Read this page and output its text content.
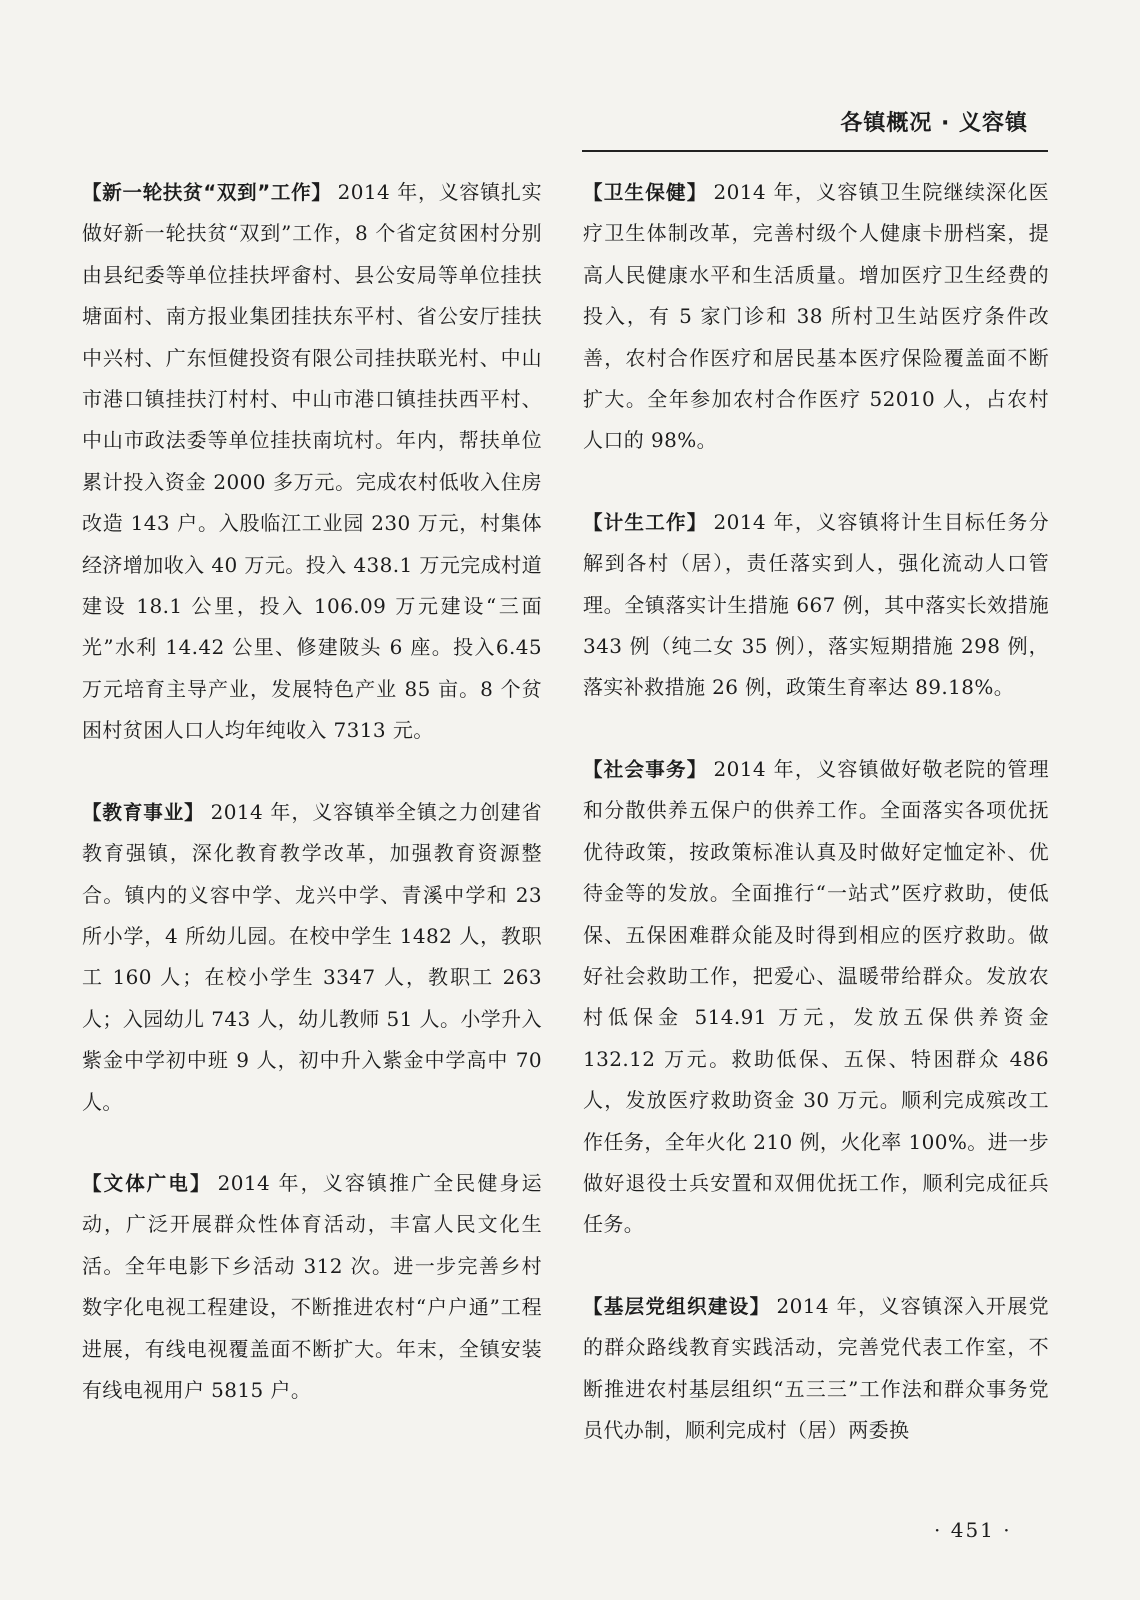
各镇概况 · 义容镇

【新一轮扶贫“双到”工作】 2014 年，义容镇扎实做好新一轮扶贫“双到”工作，8 个省定贫困村分别由县纪委等单位挂扶坪畲村、县公安局等单位挂扶塘面村、南方报业集团挂扶东平村、省公安厅挂扶中兴村、广东恒健投资有限公司挂扶联光村、中山市港口镇挂扶汀村村、中山市港口镇挂扶西平村、中山市政法委等单位挂扶南坑村。年内，帮扶单位累计投入资金 2000 多万元。完成农村低收入住房改造 143 户。入股临江工业园 230 万元，村集体经济增加收入 40 万元。投入 438.1 万元完成村道建设 18.1 公里，投入 106.09 万元建设“三面光”水利 14.42 公里、修建陂头 6 座。投入6.45万元培育主导产业，发展特色产业 85 亩。8 个贫困村贫困人口人均年纯收入 7313 元。

【教育事业】 2014 年，义容镇举全镇之力创建省教育强镇，深化教育教学改革，加强教育资源整合。镇内的义容中学、龙兴中学、青溪中学和 23 所小学，4 所幼儿园。在校中学生 1482 人，教职工 160 人；在校小学生 3347 人，教职工 263 人；入园幼儿 743 人，幼儿教师 51 人。小学升入紫金中学初中班 9 人，初中升入紫金中学高中 70 人。

【文体广电】 2014 年，义容镇推广全民健身运动，广泛开展群众性体育活动，丰富人民文化生活。全年电影下乡活动 312 次。进一步完善乡村数字化电视工程建设，不断推进农村“户户通”工程进展，有线电视覆盖面不断扩大。年末，全镇安装有线电视用户 5815 户。

【卫生保健】 2014 年，义容镇卫生院继续深化医疗卫生体制改革，完善村级个人健康卡册档案，提高人民健康水平和生活质量。增加医疗卫生经费的投入，有 5 家门诊和 38 所村卫生站医疗条件改善，农村合作医疗和居民基本医疗保险覆盖面不断扩大。全年参加农村合作医疗 52010 人，占农村人口的 98%。

【计生工作】 2014 年，义容镇将计生目标任务分解到各村（居），责任落实到人，强化流动人口管理。全镇落实计生措施 667 例，其中落实长效措施 343 例（纯二女 35 例），落实短期措施 298 例，落实补救措施 26 例，政策生育率达 89.18%。

【社会事务】 2014 年，义容镇做好敬老院的管理和分散供养五保户的供养工作。全面落实各项优抚优待政策，按政策标准认真及时做好定恤定补、优待金等的发放。全面推行“一站式”医疗救助，使低保、五保困难群众能及时得到相应的医疗救助。做好社会救助工作，把爱心、温暖带给群众。发放农村低保金 514.91 万元，发放五保供养资金 132.12 万元。救助低保、五保、特困群众 486 人，发放医疗救助资金 30 万元。顺利完成殡改工作任务，全年火化 210 例，火化率 100%。进一步做好退役士兵安置和双佣优抚工作，顺利完成征兵任务。

【基层党组织建设】 2014 年，义容镇深入开展党的群众路线教育实践活动，完善党代表工作室，不断推进农村基层组织“五三三”工作法和群众事务党员代办制，顺利完成村（居）两委换

· 451 ·
